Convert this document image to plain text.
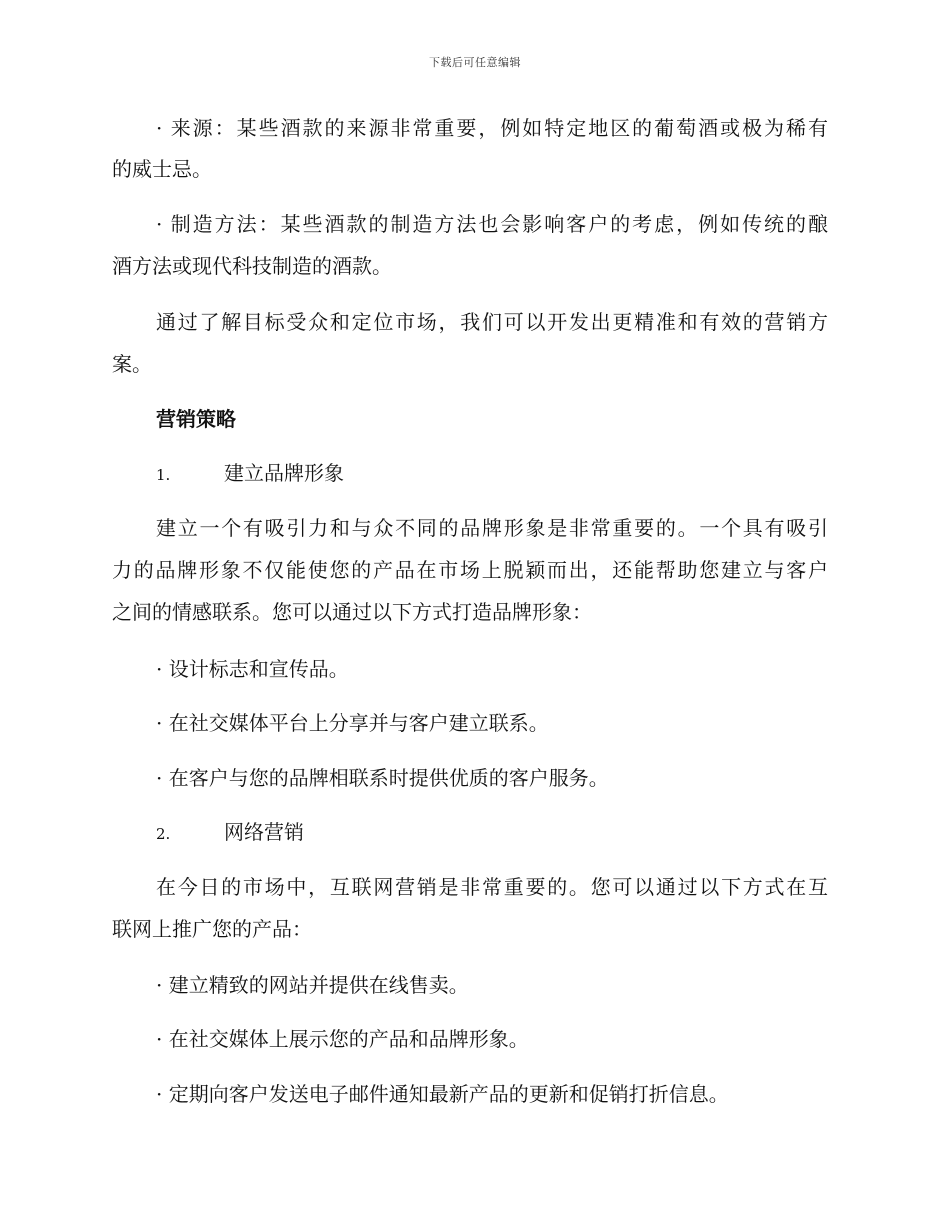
下载后可任意编辑
· 来源：某些酒款的来源非常重要，例如特定地区的葡萄酒或极为稀有
的威士忌。
· 制造方法：某些酒款的制造方法也会影响客户的考虑，例如传统的酿
酒方法或现代科技制造的酒款。
通过了解目标受众和定位市场，我们可以开发出更精准和有效的营销方
案。
营销策略
1.	建立品牌形象
建立一个有吸引力和与众不同的品牌形象是非常重要的。一个具有吸引
力的品牌形象不仅能使您的产品在市场上脱颖而出，还能帮助您建立与客户
之间的情感联系。您可以通过以下方式打造品牌形象：
· 设计标志和宣传品。
· 在社交媒体平台上分享并与客户建立联系。
· 在客户与您的品牌相联系时提供优质的客户服务。
2.	网络营销
在今日的市场中，互联网营销是非常重要的。您可以通过以下方式在互
联网上推广您的产品：
· 建立精致的网站并提供在线售卖。
· 在社交媒体上展示您的产品和品牌形象。
· 定期向客户发送电子邮件通知最新产品的更新和促销打折信息。
